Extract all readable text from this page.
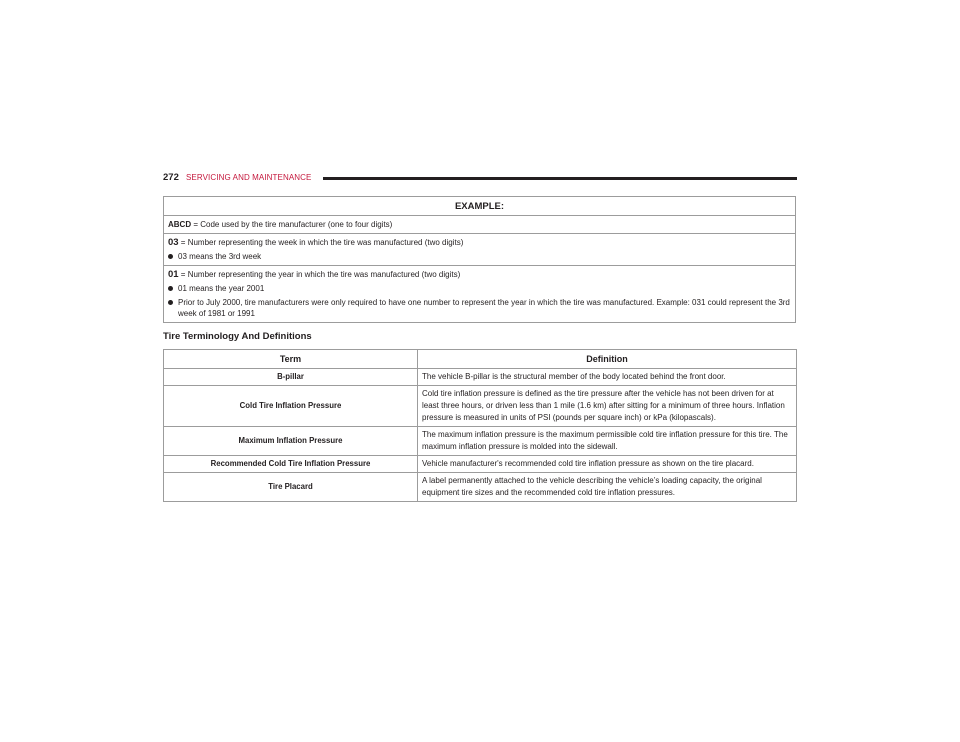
272 SERVICING AND MAINTENANCE
EXAMPLE:
ABCD = Code used by the tire manufacturer (one to four digits)
03 = Number representing the week in which the tire was manufactured (two digits)
03 means the 3rd week
01 = Number representing the year in which the tire was manufactured (two digits)
01 means the year 2001
Prior to July 2000, tire manufacturers were only required to have one number to represent the year in which the tire was manufactured. Example: 031 could represent the 3rd week of 1981 or 1991
Tire Terminology And Definitions
Term	Definition
B-pillar	The vehicle B-pillar is the structural member of the body located behind the front door.
Cold Tire Inflation Pressure	Cold tire inflation pressure is defined as the tire pressure after the vehicle has not been driven for at least three hours, or driven less than 1 mile (1.6 km) after sitting for a minimum of three hours. Inflation pressure is measured in units of PSI (pounds per square inch) or kPa (kilopascals).
Maximum Inflation Pressure	The maximum inflation pressure is the maximum permissible cold tire inflation pressure for this tire. The maximum inflation pressure is molded into the sidewall.
Recommended Cold Tire Inflation Pressure	Vehicle manufacturer's recommended cold tire inflation pressure as shown on the tire placard.
Tire Placard	A label permanently attached to the vehicle describing the vehicle’s loading capacity, the original equipment tire sizes and the recommended cold tire inflation pressures.
